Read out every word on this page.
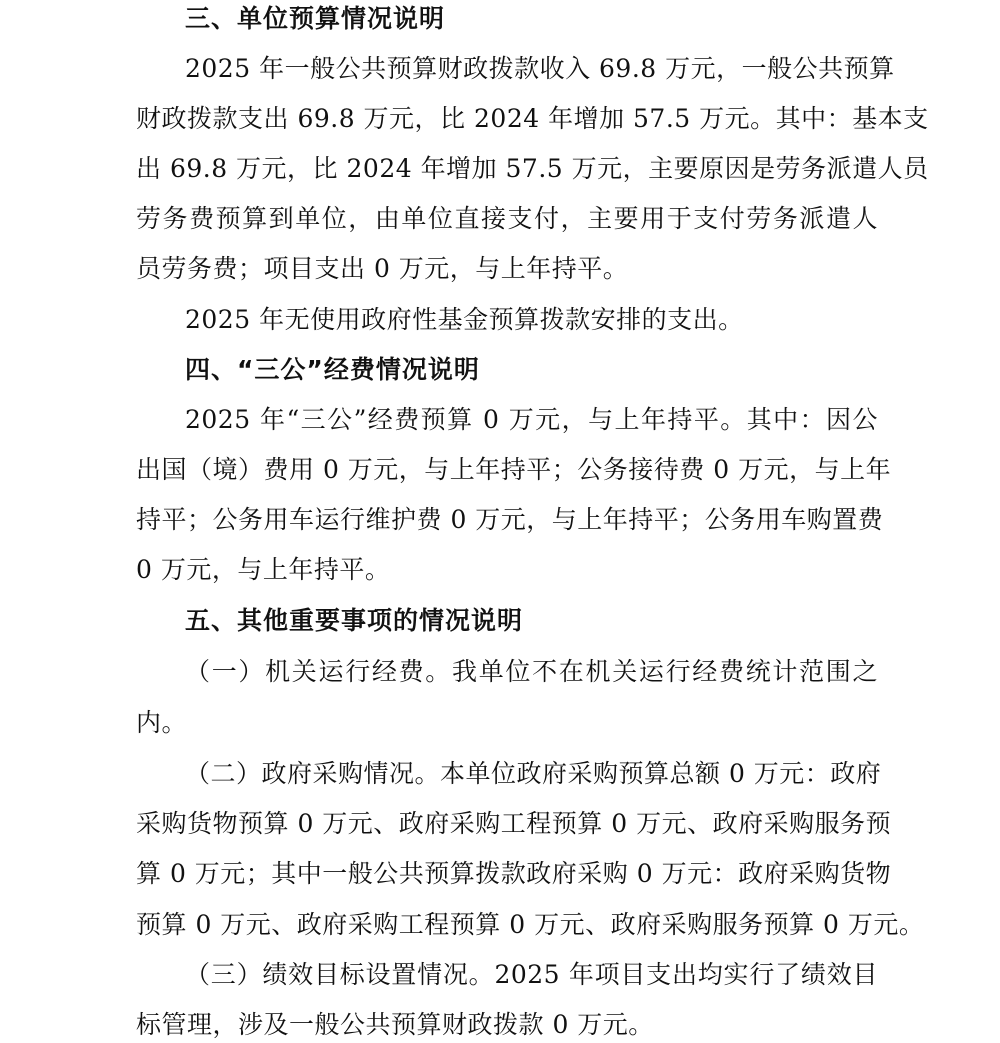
三、单位预算情况说明
2025 年一般公共预算财政拨款收入 69.8 万元，一般公共预算
财政拨款支出 69.8 万元，比 2024 年增加 57.5 万元。其中：基本支
出 69.8 万元，比 2024 年增加 57.5 万元，主要原因是劳务派遣人员
劳务费预算到单位，由单位直接支付，主要用于支付劳务派遣人
员劳务费；项目支出 0 万元，与上年持平。
2025 年无使用政府性基金预算拨款安排的支出。
四、“三公”经费情况说明
2025 年“三公”经费预算 0 万元，与上年持平。其中：因公
出国（境）费用 0 万元，与上年持平；公务接待费 0 万元，与上年
持平；公务用车运行维护费 0 万元，与上年持平；公务用车购置费
0 万元，与上年持平。
五、其他重要事项的情况说明
（一）机关运行经费。我单位不在机关运行经费统计范围之
内。
（二）政府采购情况。本单位政府采购预算总额 0 万元：政府
采购货物预算 0 万元、政府采购工程预算 0 万元、政府采购服务预
算 0 万元；其中一般公共预算拨款政府采购 0 万元：政府采购货物
预算 0 万元、政府采购工程预算 0 万元、政府采购服务预算 0 万元。
（三）绩效目标设置情况。2025 年项目支出均实行了绩效目
标管理，涉及一般公共预算财政拨款 0 万元。
